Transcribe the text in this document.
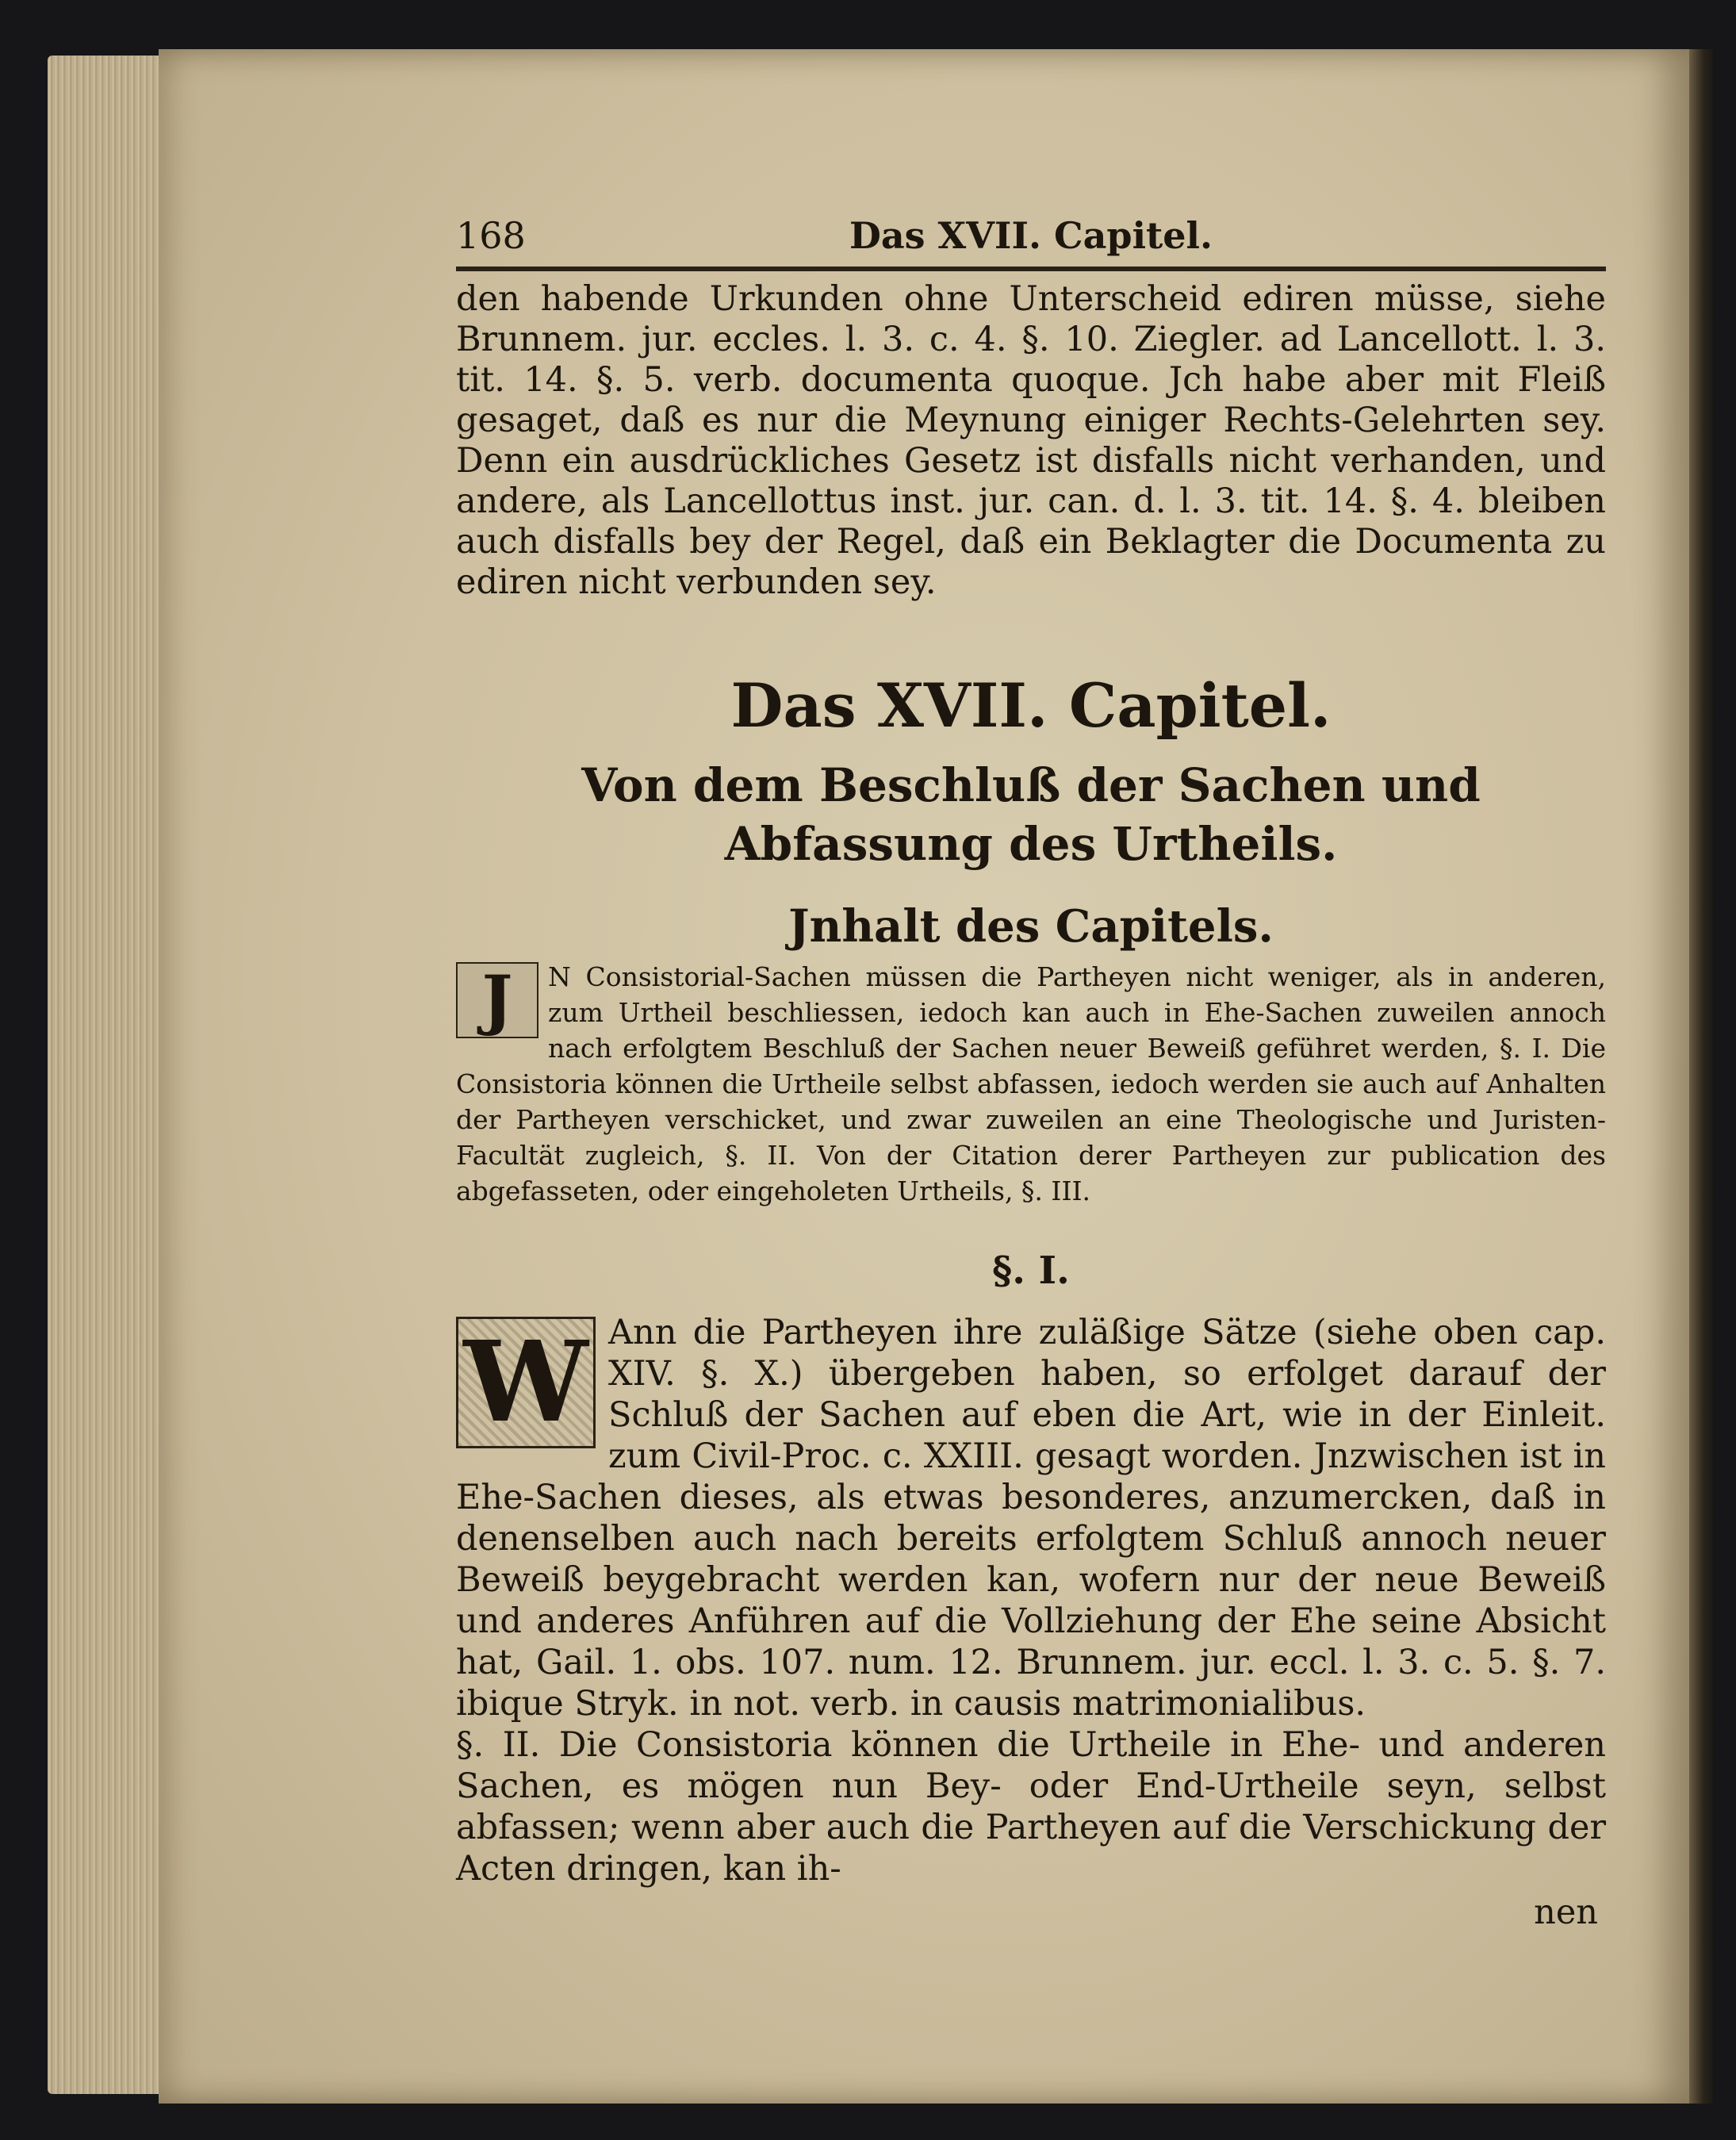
168	Das XVII. Capitel.

den habende Urkunden ohne Unterscheid ediren müsse, siehe Brunnem. jur. eccles. l. 3. c. 4. §. 10. Ziegler. ad Lancellott. l. 3. tit. 14. §. 5. verb. documenta quoque. Jch habe aber mit Fleiß gesaget, daß es nur die Meynung einiger Rechts-Gelehrten sey. Denn ein ausdrückliches Gesetz ist disfalls nicht verhanden, und andere, als Lancellottus inst. jur. can. d. l. 3. tit. 14. §. 4. bleiben auch disfalls bey der Regel, daß ein Beklagter die Documenta zu ediren nicht verbunden sey.

Das XVII. Capitel.
Von dem Beschluß der Sachen und Abfassung des Urtheils.
Jnhalt des Capitels.

J	N Consistorial-Sachen müssen die Partheyen nicht weniger, als in anderen, zum Urtheil beschliessen, iedoch kan auch in Ehe-Sachen zuweilen annoch nach erfolgtem Beschluß der Sachen neuer Beweiß geführet werden, §. I. Die Consistoria können die Urtheile selbst abfassen, iedoch werden sie auch auf Anhalten der Partheyen verschicket, und zwar zuweilen an eine Theologische und Juristen-Facultät zugleich, §. II. Von der Citation derer Partheyen zur publication des abgefasseten, oder eingeholeten Urtheils, §. III.

§. I.

W Ann die Partheyen ihre zuläßige Sätze (siehe oben cap. XIV. §. X.) übergeben haben, so erfolget darauf der Schluß der Sachen auf eben die Art, wie in der Einleit. zum Civil-Proc. c. XXIII. gesagt worden. Jnzwischen ist in Ehe-Sachen dieses, als etwas besonderes, anzumercken, daß in denenselben auch nach bereits erfolgtem Schluß annoch neuer Beweiß beygebracht werden kan, wofern nur der neue Beweiß und anderes Anführen auf die Vollziehung der Ehe seine Absicht hat, Gail. 1. obs. 107. num. 12. Brunnem. jur. eccl. l. 3. c. 5. §. 7. ibique Stryk. in not. verb. in causis matrimonialibus.

§. II. Die Consistoria können die Urtheile in Ehe- und anderen Sachen, es mögen nun Bey- oder End-Urtheile seyn, selbst abfassen; wenn aber auch die Partheyen auf die Verschickung der Acten dringen, kan ih-

nen
